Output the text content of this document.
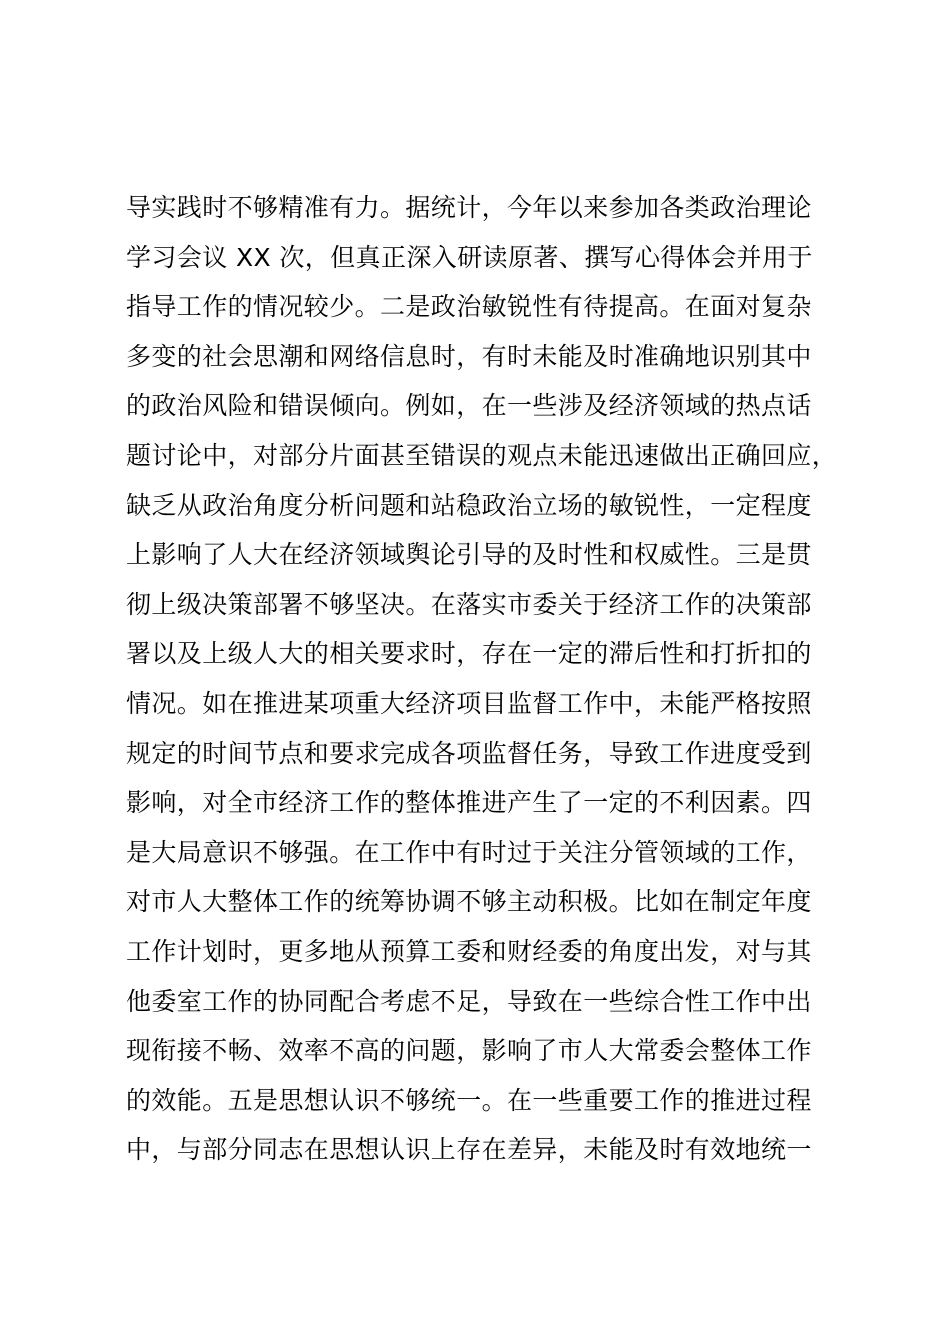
导实践时不够精准有力。据统计，今年以来参加各类政治理论
学习会议 XX 次，但真正深入研读原著、撰写心得体会并用于
指导工作的情况较少。二是政治敏锐性有待提高。在面对复杂
多变的社会思潮和网络信息时，有时未能及时准确地识别其中
的政治风险和错误倾向。例如，在一些涉及经济领域的热点话
题讨论中，对部分片面甚至错误的观点未能迅速做出正确回应，
缺乏从政治角度分析问题和站稳政治立场的敏锐性，一定程度
上影响了人大在经济领域舆论引导的及时性和权威性。三是贯
彻上级决策部署不够坚决。在落实市委关于经济工作的决策部
署以及上级人大的相关要求时，存在一定的滞后性和打折扣的
情况。如在推进某项重大经济项目监督工作中，未能严格按照
规定的时间节点和要求完成各项监督任务，导致工作进度受到
影响，对全市经济工作的整体推进产生了一定的不利因素。四
是大局意识不够强。在工作中有时过于关注分管领域的工作，
对市人大整体工作的统筹协调不够主动积极。比如在制定年度
工作计划时，更多地从预算工委和财经委的角度出发，对与其
他委室工作的协同配合考虑不足，导致在一些综合性工作中出
现衔接不畅、效率不高的问题，影响了市人大常委会整体工作
的效能。五是思想认识不够统一。在一些重要工作的推进过程
中，与部分同志在思想认识上存在差异，未能及时有效地统一
